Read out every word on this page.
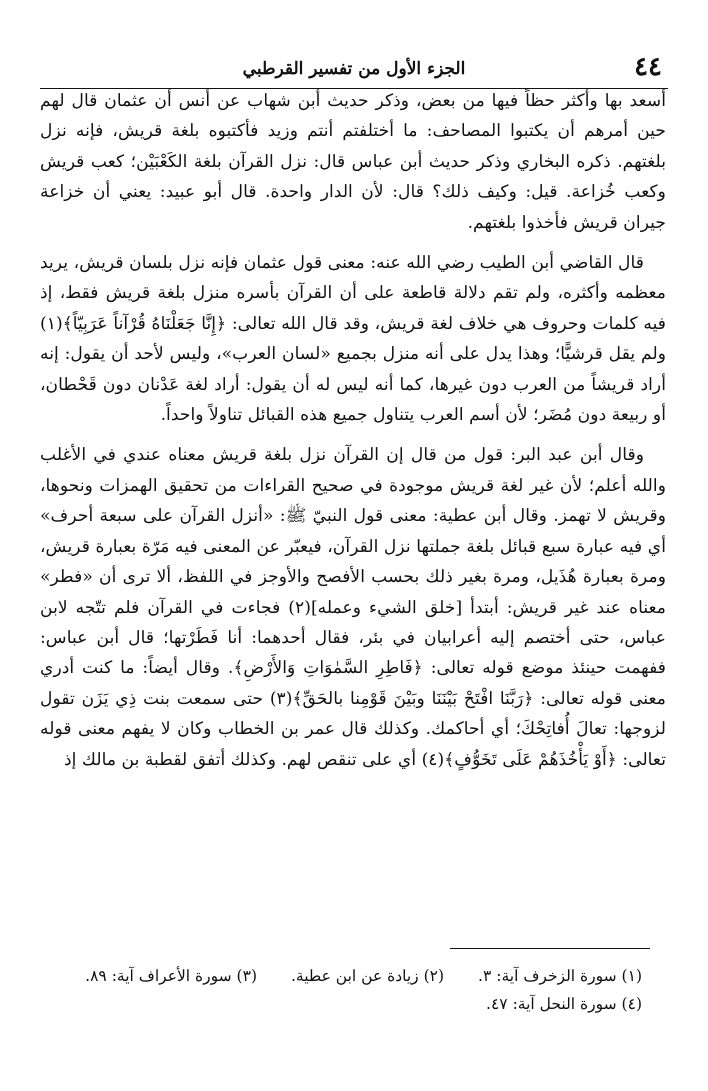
٤٤
الجزء الأول من تفسير القرطبي

أسعد بها وأكثر حظاً فيها من بعض، وذكر حديث أبن شهاب عن أنس أن عثمان قال لهم حين أمرهم أن يكتبوا المصاحف: ما أختلفتم أنتم وزيد فأكتبوه بلغة قريش، فإنه نزل بلغتهم. ذكره البخاري وذكر حديث أبن عباس قال: نزل القرآن بلغة الكَعْبَيْن؛ كعب قريش وكعب خُزاعة. قيل: وكيف ذلك؟ قال: لأن الدار واحدة. قال أبو عبيد: يعني أن خزاعة جيران قريش فأخذوا بلغتهم.

قال القاضي أبن الطيب رضي الله عنه: معنى قول عثمان فإنه نزل بلسان قريش، يريد معظمه وأكثره، ولم تقم دلالة قاطعة على أن القرآن بأسره منزل بلغة قريش فقط، إذ فيه كلمات وحروف هي خلاف لغة قريش، وقد قال الله تعالى: ﴿إِنَّا جَعَلْنَاهُ قُرْآناً عَرَبِيّاً﴾(١) ولم يقل قرشيًّا؛ وهذا يدل على أنه منزل بجميع «لسان العرب»، وليس لأحد أن يقول: إنه أراد قريشاً من العرب دون غيرها، كما أنه ليس له أن يقول: أراد لغة عَدْنان دون قَحْطان، أو ربيعة دون مُضَر؛ لأن أسم العرب يتناول جميع هذه القبائل تناولاً واحداً.

وقال أبن عبد البر: قول من قال إن القرآن نزل بلغة قريش معناه عندي في الأغلب والله أعلم؛ لأن غير لغة قريش موجودة في صحيح القراءات من تحقيق الهمزات ونحوها، وقريش لا تهمز. وقال أبن عطية: معنى قول النبيّ ﷺ: «أنزل القرآن على سبعة أحرف» أي فيه عبارة سبع قبائل بلغة جملتها نزل القرآن، فيعبّر عن المعنى فيه مَرّة بعبارة قريش، ومرة بعبارة هُذَيل، ومرة بغير ذلك بحسب الأفصح والأوجز في اللفظ، ألا ترى أن «فطر» معناه عند غير قريش: أبتدأ [خلق الشيء وعمله](٢) فجاءت في القرآن فلم تتّجه لابن عباس، حتى أختصم إليه أعرابيان في بئر، فقال أحدهما: أنا فَطَرْتها؛ قال أبن عباس: ففهمت حينئذ موضع قوله تعالى: ﴿فَاطِرِ السَّمٰوَاتِ وَالأَرْضِ﴾. وقال أيضاً: ما كنت أدري معنى قوله تعالى: ﴿رَبَّنَا افْتَحْ بَيْنَنَا وبَيْنَ قَوْمِنا بالحَقِّ﴾(٣) حتى سمعت بنت ذِي يَزَن تقول لزوجها: تعالَ أُفاتِحْكَ؛ أي أحاكمك. وكذلك قال عمر بن الخطاب وكان لا يفهم معنى قوله تعالى: ﴿أَوْ يَأْخُذَهُمْ عَلَى تَخَوُّفٍ﴾(٤) أي على تنقص لهم. وكذلك أتفق لقطبة بن مالك إذ

(١) سورة الزخرف آية: ٣.
(٢) زيادة عن ابن عطية.
(٣) سورة الأعراف آية: ٨٩.
(٤) سورة النحل آية: ٤٧.
